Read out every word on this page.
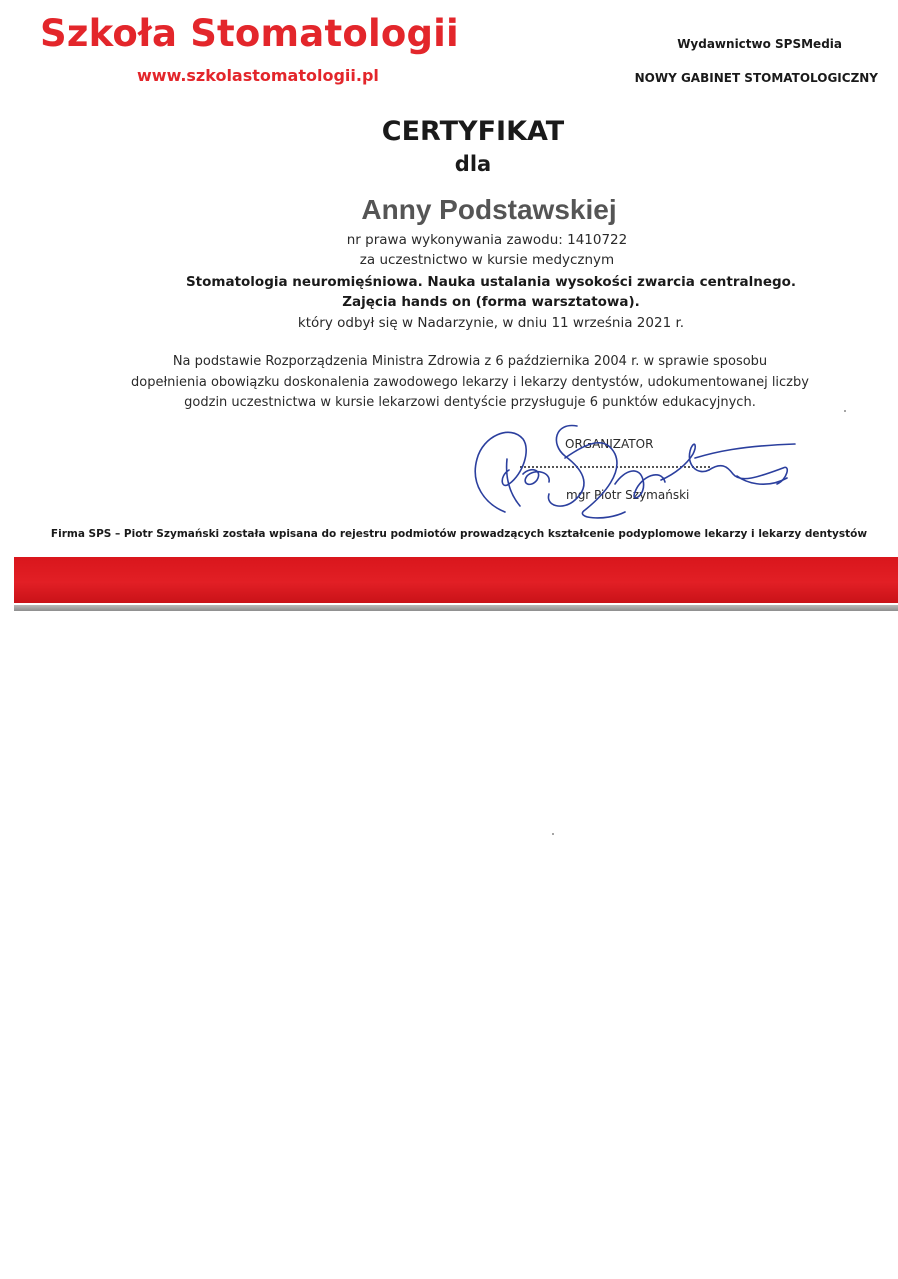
Szkoła Stomatologii
www.szkolastomatologii.pl
Wydawnictwo SPSMedia
NOWY GABINET STOMATOLOGICZNY
CERTYFIKAT
dla
Anny Podstawskiej
nr prawa wykonywania zawodu: 1410722
za uczestnictwo w kursie medycznym
Stomatologia neuromięśniowa. Nauka ustalania wysokości zwarcia centralnego.
Zajęcia hands on (forma warsztatowa).
który odbył się w Nadarzynie, w dniu 11 września 2021 r.
Na podstawie Rozporządzenia Ministra Zdrowia z 6 października 2004 r. w sprawie sposobu
dopełnienia obowiązku doskonalenia zawodowego lekarzy i lekarzy dentystów, udokumentowanej liczby
godzin uczestnictwa w kursie lekarzowi dentyście przysługuje 6 punktów edukacyjnych.
ORGANIZATOR
mgr Piotr Szymański
Firma SPS – Piotr Szymański została wpisana do rejestru podmiotów prowadzących kształcenie podyplomowe lekarzy i lekarzy dentystów
